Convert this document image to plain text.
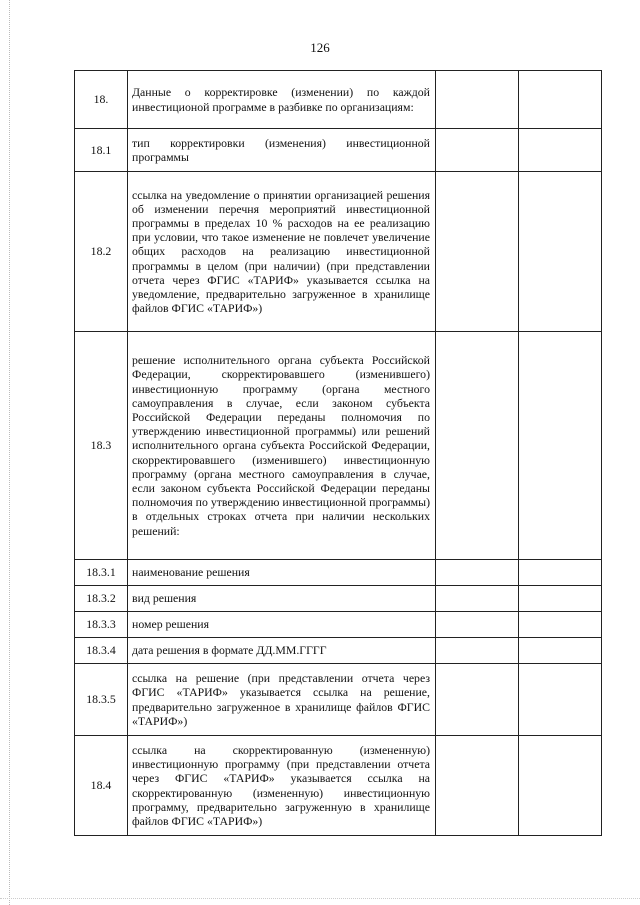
126
18.	Данные о корректировке (изменении) по каждой инвестиционой программе в разбивке по организациям:		
18.1	тип корректировки (изменения) инвестиционной программы		
18.2	ссылка на уведомление о принятии организацией решения об изменении перечня мероприятий инвестиционной программы в пределах 10 % расходов на ее реализацию при условии, что такое изменение не повлечет увеличение общих расходов на реализацию инвестиционной программы в целом (при наличии) (при представлении отчета через ФГИС «ТАРИФ» указывается ссылка на уведомление, предварительно загруженное в хранилище файлов ФГИС «ТАРИФ»)		
18.3	решение исполнительного органа субъекта Российской Федерации, скорректировавшего (изменившего) инвестиционную программу (органа местного самоуправления в случае, если законом субъекта Российской Федерации переданы полномочия по утверждению инвестиционной программы) или решений исполнительного органа субъекта Российской Федерации, скорректировавшего (изменившего) инвестиционную программу (органа местного самоуправления в случае, если законом субъекта Российской Федерации переданы полномочия по утверждению инвестиционной программы) в отдельных строках отчета при наличии нескольких решений:		
18.3.1	наименование решения		
18.3.2	вид решения		
18.3.3	номер решения		
18.3.4	дата решения в формате ДД.ММ.ГГГГ		
18.3.5	ссылка на решение (при представлении отчета через ФГИС «ТАРИФ» указывается ссылка на решение, предварительно загруженное в хранилище файлов ФГИС «ТАРИФ»)		
18.4	ссылка на скорректированную (измененную) инвестиционную программу (при представлении отчета через ФГИС «ТАРИФ» указывается ссылка на скорректированную (измененную) инвестиционную программу, предварительно загруженную в хранилище файлов ФГИС «ТАРИФ»)		
